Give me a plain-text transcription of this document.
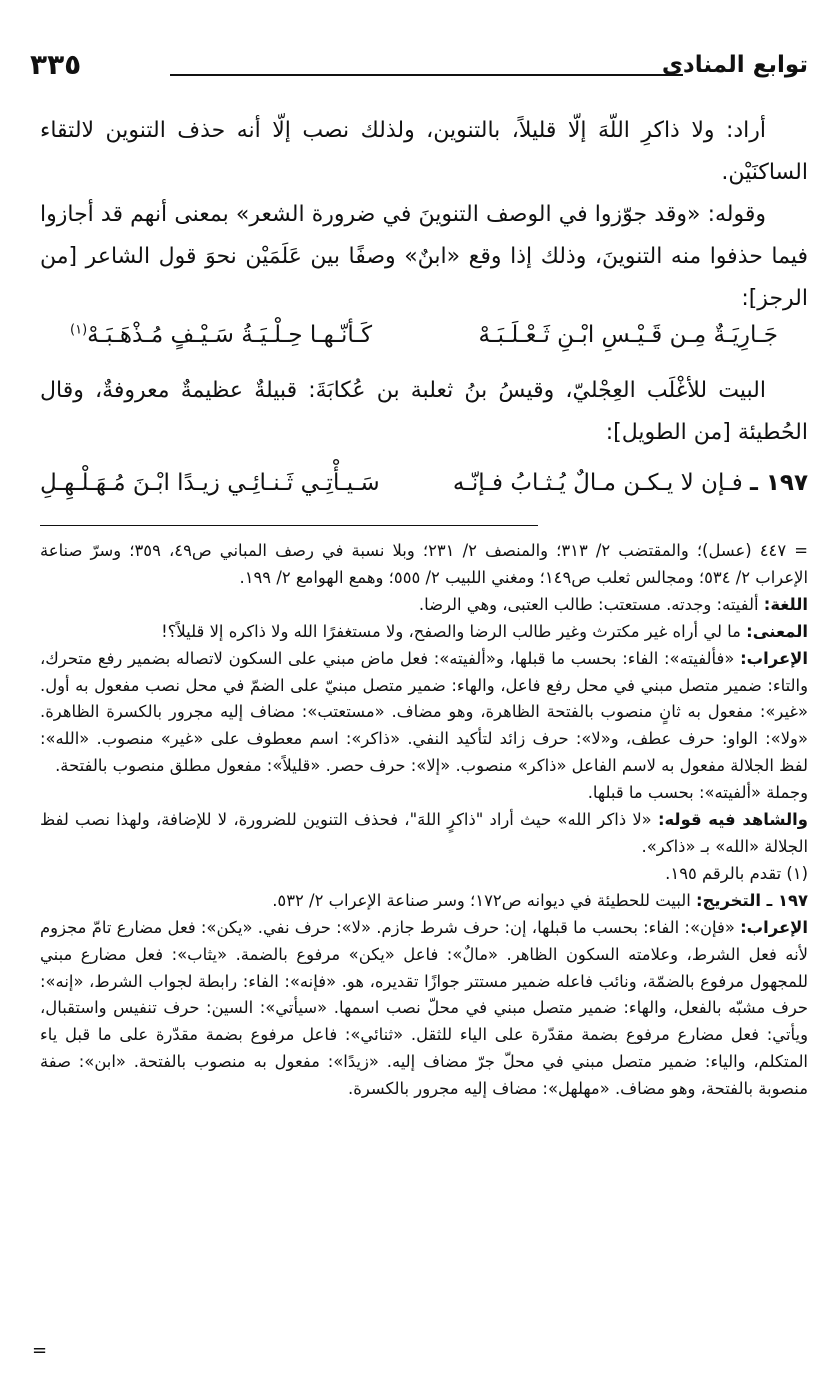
توابع المنادى
٣٣٥

أراد: ولا ذاكرِ اللّهَ إلّا قليلاً، بالتنوين، ولذلك نصب إلّا أنه حذف التنوين لالتقاء الساكنَيْن.

وقوله: «وقد جوّزوا في الوصف التنوينَ في ضرورة الشعر» بمعنى أنهم قد أجازوا فيما حذفوا منه التنوينَ، وذلك إذا وقع «ابنٌ» وصفًا بين عَلَمَيْن نحوَ قول الشاعر [من الرجز]:

جَـارِيَـةٌ مِـن قَـيْـسِ ابْـنِ ثَـعْـلَـبَـهْ
كَـأنّـهـا حِـلْـيَـةُ سَـيْـفٍ مُـذْهَـبَـهْ$^{(١)}$

البيت للأغْلَب العِجْليّ، وقيسُ بنُ ثعلبة بن عُكابَةَ: قبيلةٌ عظيمةٌ معروفةٌ، وقال الحُطيئة [من الطويل]:

١٩٧ ـ فـإن لا يـكـن مـالٌ يُـثـابُ فـإنّـه
سَـيـأْتِـي ثَـنـائِـي زيـدًا ابْـنَ مُـهَـلْـهِـلِ

= ٤٤٧ (عسل)؛ والمقتضب ٢/ ٣١٣؛ والمنصف ٢/ ٢٣١؛ وبلا نسبة في رصف المباني ص٤٩، ٣٥٩؛ وسرّ صناعة الإعراب ٢/ ٥٣٤؛ ومجالس ثعلب ص١٤٩؛ ومغني اللبيب ٢/ ٥٥٥؛ وهمع الهوامع ٢/ ١٩٩.

اللغة: ألفيته: وجدته. مستعتب: طالب العتبى، وهي الرضا.

المعنى: ما لي أراه غير مكترث وغير طالب الرضا والصفح، ولا مستغفرًا الله ولا ذاكره إلا قليلاً؟!

الإعراب: «فألفيته»: الفاء: بحسب ما قبلها، و«ألفيته»: فعل ماض مبني على السكون لاتصاله بضمير رفع متحرك، والتاء: ضمير متصل مبني في محل رفع فاعل، والهاء: ضمير متصل مبنيّ على الضمّ في محل نصب مفعول به أول. «غير»: مفعول به ثانٍ منصوب بالفتحة الظاهرة، وهو مضاف. «مستعتب»: مضاف إليه مجرور بالكسرة الظاهرة. «ولا»: الواو: حرف عطف، و«لا»: حرف زائد لتأكيد النفي. «ذاكر»: اسم معطوف على «غير» منصوب. «الله»: لفظ الجلالة مفعول به لاسم الفاعل «ذاكر» منصوب. «إلا»: حرف حصر. «قليلاً»: مفعول مطلق منصوب بالفتحة.

وجملة «ألفيته»: بحسب ما قبلها.

والشاهد فيه قوله: «لا ذاكر الله» حيث أراد "ذاكرٍ اللهَ"، فحذف التنوين للضرورة، لا للإضافة، ولهذا نصب لفظ الجلالة «الله» بـ «ذاكر».

(١) تقدم بالرقم ١٩٥.

١٩٧ ـ التخريج: البيت للحطيئة في ديوانه ص١٧٢؛ وسر صناعة الإعراب ٢/ ٥٣٢.

الإعراب: «فإن»: الفاء: بحسب ما قبلها، إن: حرف شرط جازم. «لا»: حرف نفي. «يكن»: فعل مضارع تامّ مجزوم لأنه فعل الشرط، وعلامته السكون الظاهر. «مالٌ»: فاعل «يكن» مرفوع بالضمة. «يثاب»: فعل مضارع مبني للمجهول مرفوع بالضمّة، ونائب فاعله ضمير مستتر جوازًا تقديره، هو. «فإنه»: الفاء: رابطة لجواب الشرط، «إنه»: حرف مشبّه بالفعل، والهاء: ضمير متصل مبني في محلّ نصب اسمها. «سيأتي»: السين: حرف تنفيس واستقبال، ويأتي: فعل مضارع مرفوع بضمة مقدّرة على الياء للثقل. «ثنائي»: فاعل مرفوع بضمة مقدّرة على ما قبل ياء المتكلم، والياء: ضمير متصل مبني في محلّ جرّ مضاف إليه. «زيدًا»: مفعول به منصوب بالفتحة. «ابن»: صفة منصوبة بالفتحة، وهو مضاف. «مهلهل»: مضاف إليه مجرور بالكسرة.

=
